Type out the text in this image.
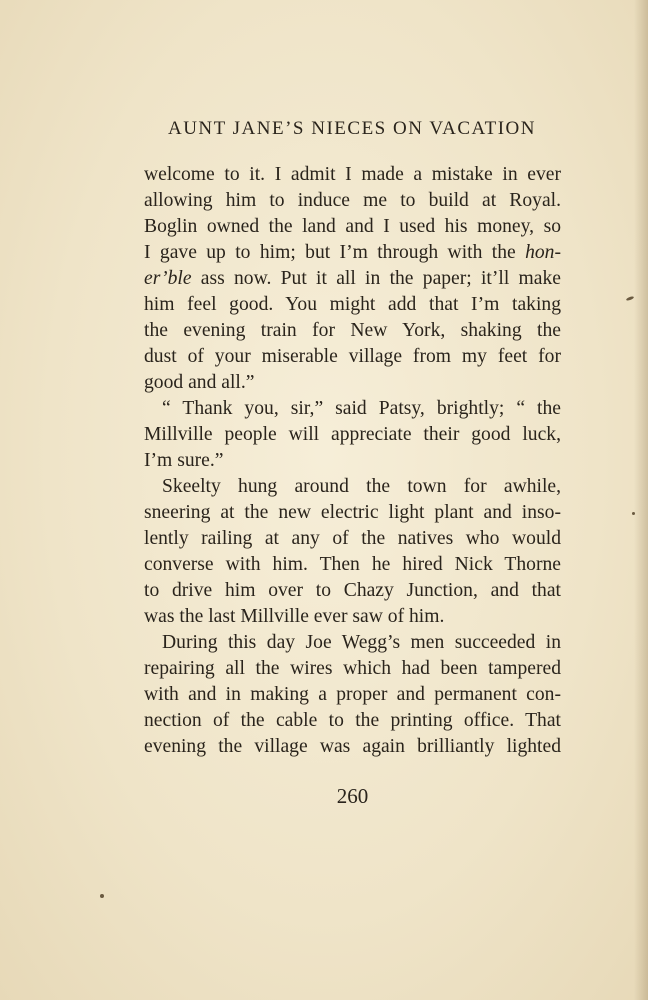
AUNT JANE’S NIECES ON VACATION
welcome to it. I admit I made a mistake in ever
allowing him to induce me to build at Royal.
Boglin owned the land and I used his money, so
I gave up to him; but I’m through with the hon-
er’ble ass now. Put it all in the paper; it’ll make
him feel good. You might add that I’m taking
the evening train for New York, shaking the
dust of your miserable village from my feet for
good and all.”
“ Thank you, sir,” said Patsy, brightly; “ the
Millville people will appreciate their good luck,
I’m sure.”
Skeelty hung around the town for awhile,
sneering at the new electric light plant and inso-
lently railing at any of the natives who would
converse with him. Then he hired Nick Thorne
to drive him over to Chazy Junction, and that
was the last Millville ever saw of him.
During this day Joe Wegg’s men succeeded in
repairing all the wires which had been tampered
with and in making a proper and permanent con-
nection of the cable to the printing office. That
evening the village was again brilliantly lighted
260
